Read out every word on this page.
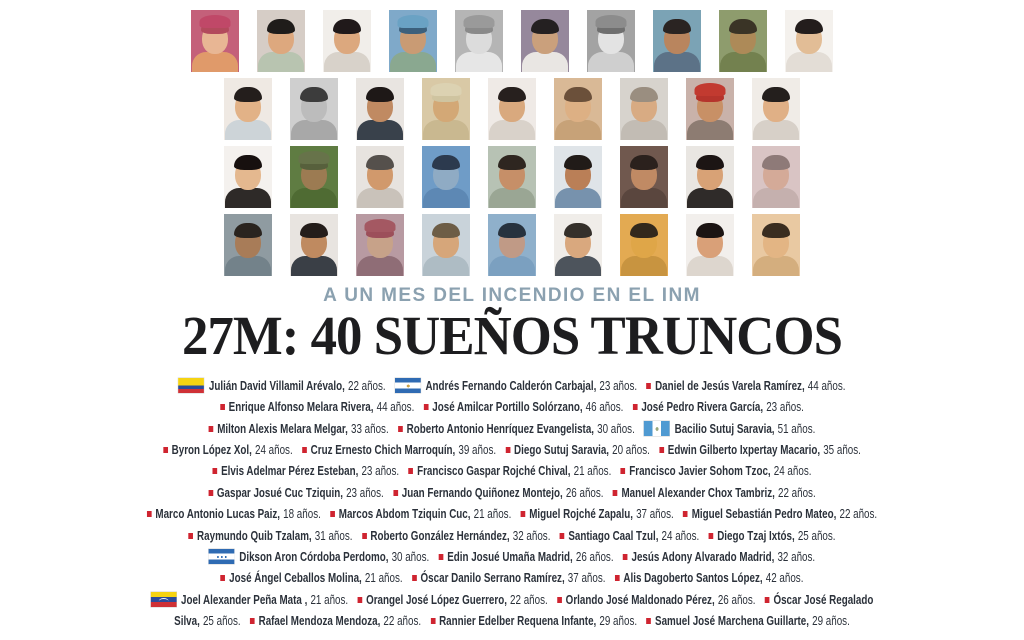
A UN MES DEL INCENDIO EN EL INM
27M: 40 SUEÑOS TRUNCOS
Julián David Villamil Arévalo, 22 años.	Andrés Fernando Calderón Carbajal, 23 años. Daniel de Jesús Varela Ramírez, 44 años.
Enrique Alfonso Melara Rivera, 44 años. José Amilcar Portillo Solórzano, 46 años. José Pedro Rivera García, 23 años.
Milton Alexis Melara Melgar, 33 años. Roberto Antonio Henríquez Evangelista, 30 años.	Bacilio Sutuj Saravia, 51 años.
Byron López Xol, 24 años. Cruz Ernesto Chich Marroquín, 39 años. Diego Sutuj Saravia, 20 años. Edwin Gilberto Ixpertay Macario, 35 años.
Elvis Adelmar Pérez Esteban, 23 años. Francisco Gaspar Rojché Chival, 21 años. Francisco Javier Sohom Tzoc, 24 años.
Gaspar Josué Cuc Tziquin, 23 años. Juan Fernando Quiñonez Montejo, 26 años. Manuel Alexander Chox Tambriz, 22 años.
Marco Antonio Lucas Paiz, 18 años. Marcos Abdom Tziquin Cuc, 21 años. Miguel Rojché Zapalu, 37 años. Miguel Sebastián Pedro Mateo, 22 años.
Raymundo Quib Tzalam, 31 años. Roberto González Hernández, 32 años. Santiago Caal Tzul, 24 años. Diego Tzaj Ixtós, 25 años.
Dikson Aron Córdoba Perdomo, 30 años. Edin Josué Umaña Madrid, 26 años. Jesús Adony Alvarado Madrid, 32 años.
José Ángel Ceballos Molina, 21 años. Óscar Danilo Serrano Ramírez, 37 años. Alis Dagoberto Santos López, 42 años.
Joel Alexander Peña Mata , 21 años. Orangel José López Guerrero, 22 años. Orlando José Maldonado Pérez, 26 años. Óscar José Regalado
Silva, 25 años. Rafael Mendoza Mendoza, 22 años. Rannier Edelber Requena Infante, 29 años. Samuel José Marchena Guillarte, 29 años.
